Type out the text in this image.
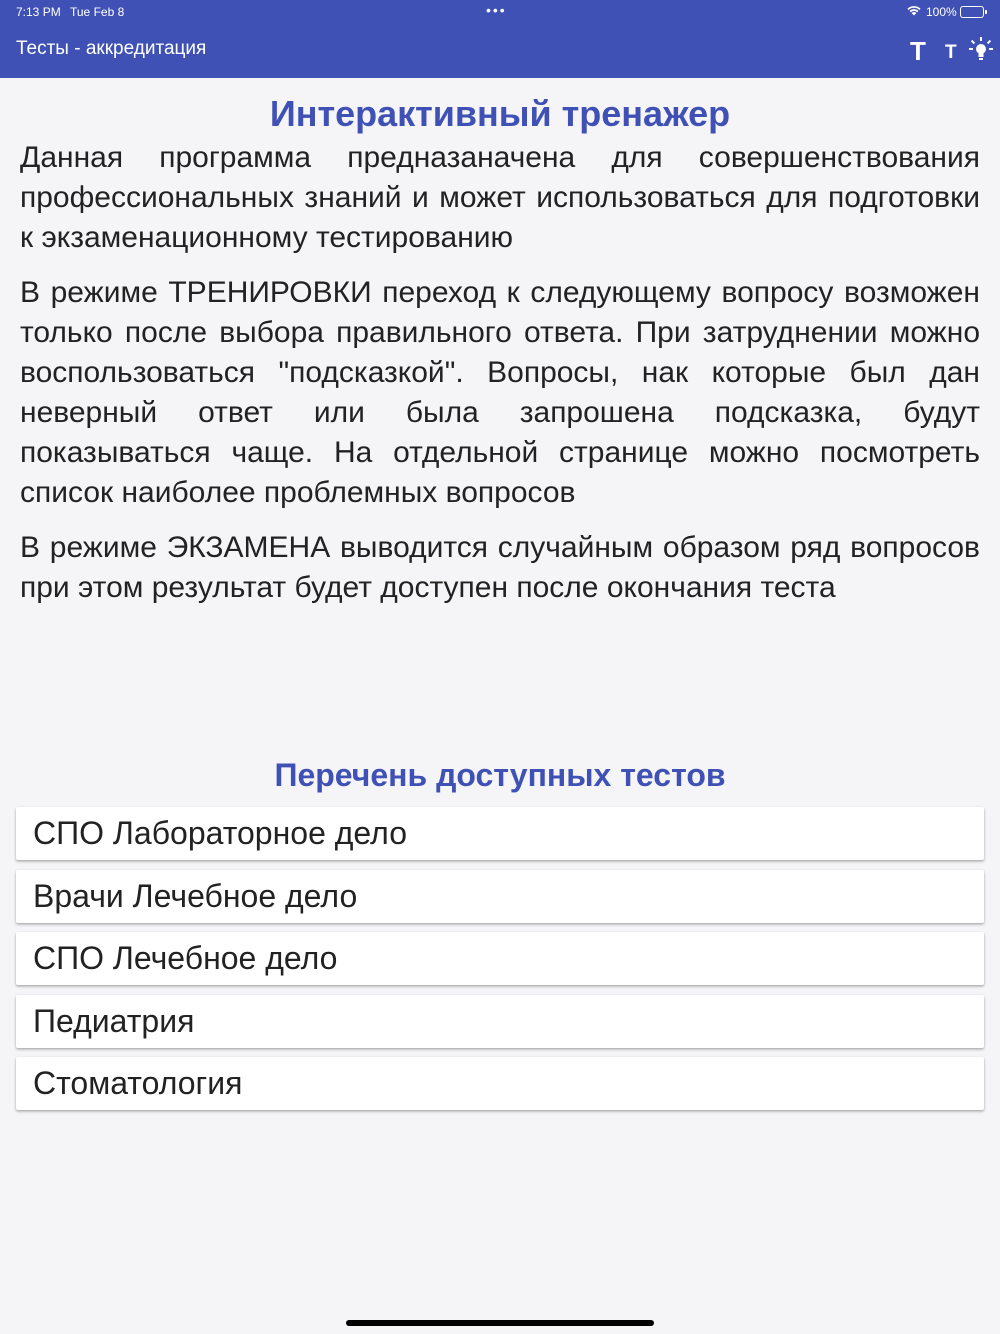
7:13 PM Tue Feb 8	•••	100%
Тесты - аккредитация	T T
Интерактивный тренажер

Данная программа предназаначена для совершенствования профессиональных знаний и может использоваться для подготовки к экзаменационному тестированию

В режиме ТРЕНИРОВКИ переход к следующему вопросу возможен только после выбора правильного ответа. При затруднении можно воспользоваться "подсказкой". Вопросы, нак которые был дан неверный ответ или была запрошена подсказка, будут показываться чаще. На отдельной странице можно посмотреть список наиболее проблемных вопросов

В режиме ЭКЗАМЕНА выводится случайным образом ряд вопросов при этом результат будет доступен после окончания теста

Перечень доступных тестов
СПО Лабораторное дело
Врачи Лечебное дело
СПО Лечебное дело
Педиатрия
Стоматология
